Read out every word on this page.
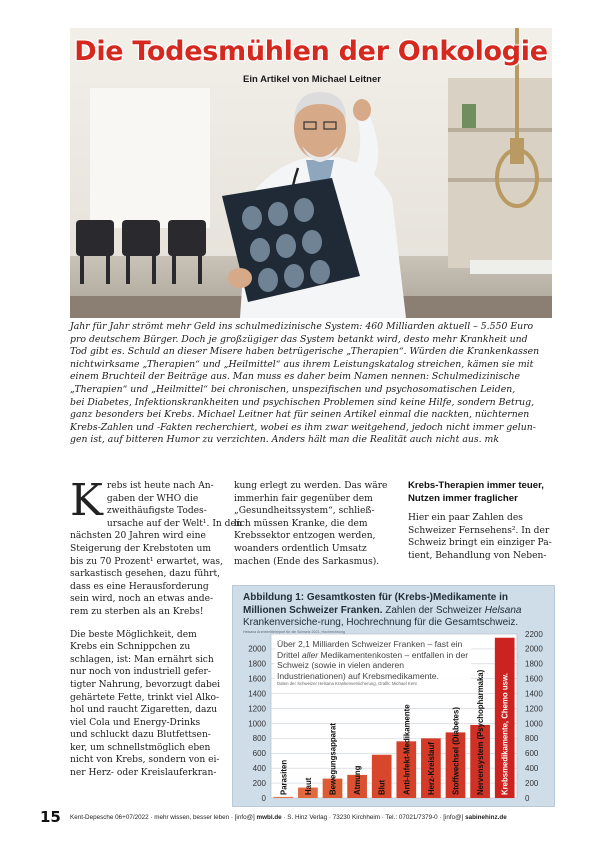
Die Todesmühlen der Onkologie
Ein Artikel von Michael Leitner
Jahr für Jahr strömt mehr Geld ins schulmedizinische System: 460 Milliarden aktuell – 5.550 Euro
pro deutschem Bürger. Doch je großzügiger das System betankt wird, desto mehr Krankheit und
Tod gibt es. Schuld an dieser Misere haben betrügerische „Therapien“. Würden die Krankenkassen
nichtwirksame „Therapien“ und „Heilmittel“ aus ihrem Leistungskatalog streichen, kämen sie mit
einem Bruchteil der Beiträge aus. Man muss es daher beim Namen nennen: Schulmedizinische
„Therapien“ und „Heilmittel“ bei chronischen, unspezifischen und psychosomatischen Leiden,
bei Diabetes, Infektionskrankheiten und psychischen Problemen sind keine Hilfe, sondern Betrug,
ganz besonders bei Krebs. Michael Leitner hat für seinen Artikel einmal die nackten, nüchternen
Krebs-Zahlen und -Fakten recherchiert, wobei es ihm zwar weitgehend, jedoch nicht immer gelun-
gen ist, auf bitteren Humor zu verzichten. Anders hält man die Realität auch nicht aus. mk

K rebs ist heute nach An-
gaben der WHO die
zweithäufigste Todes-
ursache auf der Welt¹. In den
nächsten 20 Jahren wird eine
Steigerung der Krebstoten um
bis zu 70 Prozent¹ erwartet, was,
sarkastisch gesehen, dazu führt,
dass es eine Herausforderung
sein wird, noch an etwas ande-
rem zu sterben als an Krebs!

Die beste Möglichkeit, dem
Krebs ein Schnippchen zu
schlagen, ist: Man ernährt sich
nur noch von industriell gefer-
tigter Nahrung, bevorzugt dabei
gehärtete Fette, trinkt viel Alko-
hol und raucht Zigaretten, dazu
viel Cola und Energy-Drinks
und schluckt dazu Blutfettsen-
ker, um schnellstmöglich eben
nicht von Krebs, sondern von ei-
ner Herz- oder Kreislauferkran-

kung erlegt zu werden. Das wäre
immerhin fair gegenüber dem
„Gesundheitssystem“, schließ-
lich müssen Kranke, die dem
Krebssektor entzogen werden,
woanders ordentlich Umsatz
machen (Ende des Sarkasmus).
Krebs-Therapien immer teuer,
Nutzen immer fraglicher
Hier ein paar Zahlen des
Schweizer Fernsehens². In der
Schweiz bringt ein einziger Pa-
tient, Behandlung von Neben-
0	0
200	200
400	400
600	600
800	800
1000	1000
1200	1200
1400	1400
1600	1600
1800	1800
2000	2000
2200
Parasiten Haut Bewegungsapparat Atmung Blut Anti-Infekt-Medikamente Herz-Kreislauf Stoffwechsel (Diabetes) Nervensystem (Psychopharmaka) Krebsmedikamente, Chemo usw.
Abbildung 1: Gesamtkosten für (Krebs-)Medikamente in Millionen Schweizer Franken. Zahlen der Schweizer Helsana Krankenversiche-rung, Hochrechnung für die Gesamtschweiz.
Helsana Arzneimittelreport für die Schweiz 2021, Hochrechnung
Über 2,1 Milliarden Schweizer Franken – fast ein Drittel aller Medikamentenkosten – entfallen in der Schweiz (sowie in vielen anderen Industrienationen) auf Krebsmedikamente.
Daten der Schweizer Helsana Krankenversicherung, Grafik: Michael Kent
15 Kent-Depesche 06+07/2022 · mehr wissen, besser leben · [info@] mwbl.de · S. Hinz Verlag · 73230 Kirchheim · Tel.: 07021/7379-0 · [info@] sabinehinz.de
